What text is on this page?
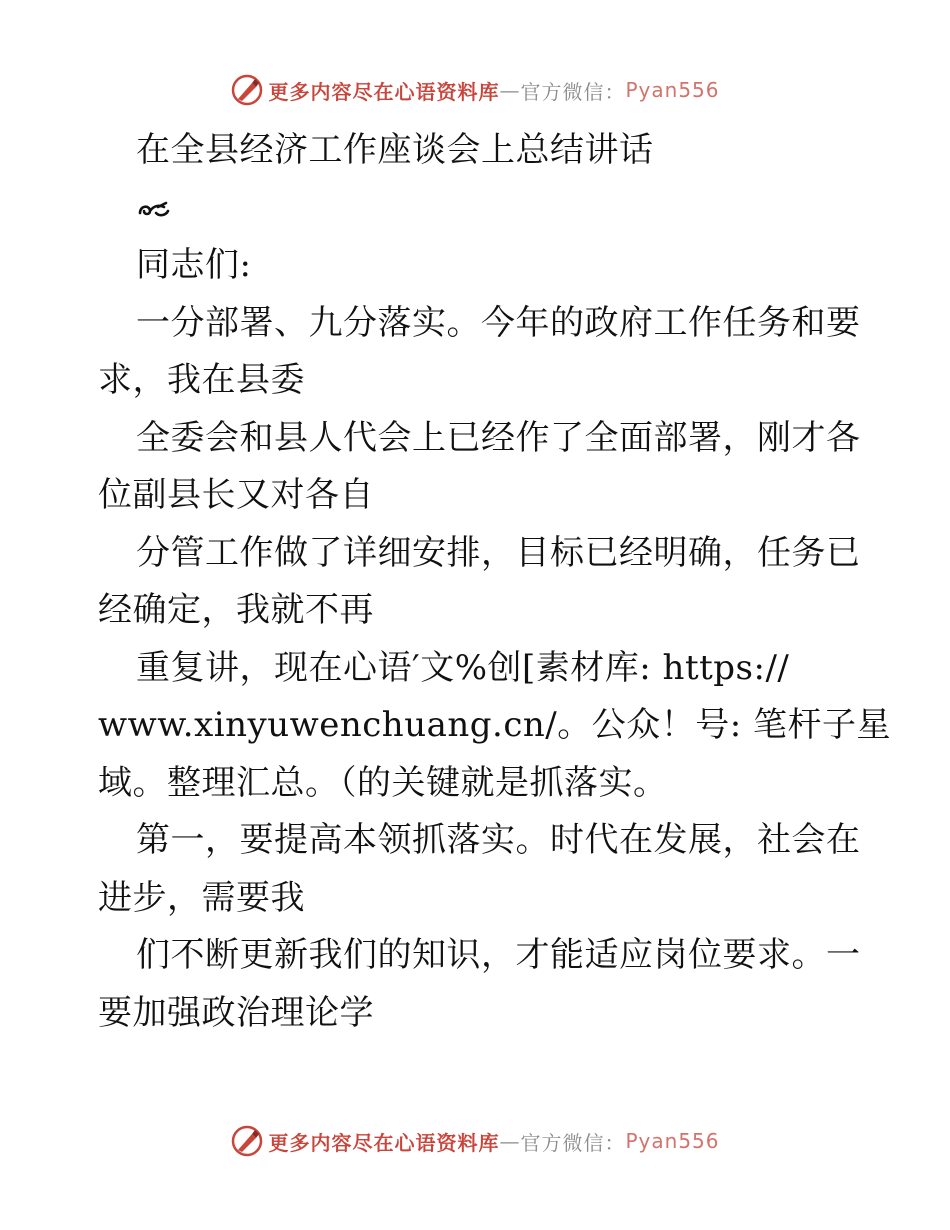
更多内容尽在心语资料库 — 官方微信： Pyan556
在全县经济工作座谈会上总结讲话
同志们:
一分部署、九分落实。今年的政府工作任务和要
求，我在县委
全委会和县人代会上已经作了全面部署，刚才各
位副县长又对各自
分管工作做了详细安排，目标已经明确，任务已
经确定，我就不再
重复讲，现在心语′文%创[素材库: https://
www.xinyuwenchuang.cn/。公众！号: 笔杆子星
域。整理汇总。（的关键就是抓落实。
第一，要提高本领抓落实。时代在发展，社会在
进步，需要我
们不断更新我们的知识，才能适应岗位要求。一
要加强政治理论学
更多内容尽在心语资料库 — 官方微信： Pyan556
